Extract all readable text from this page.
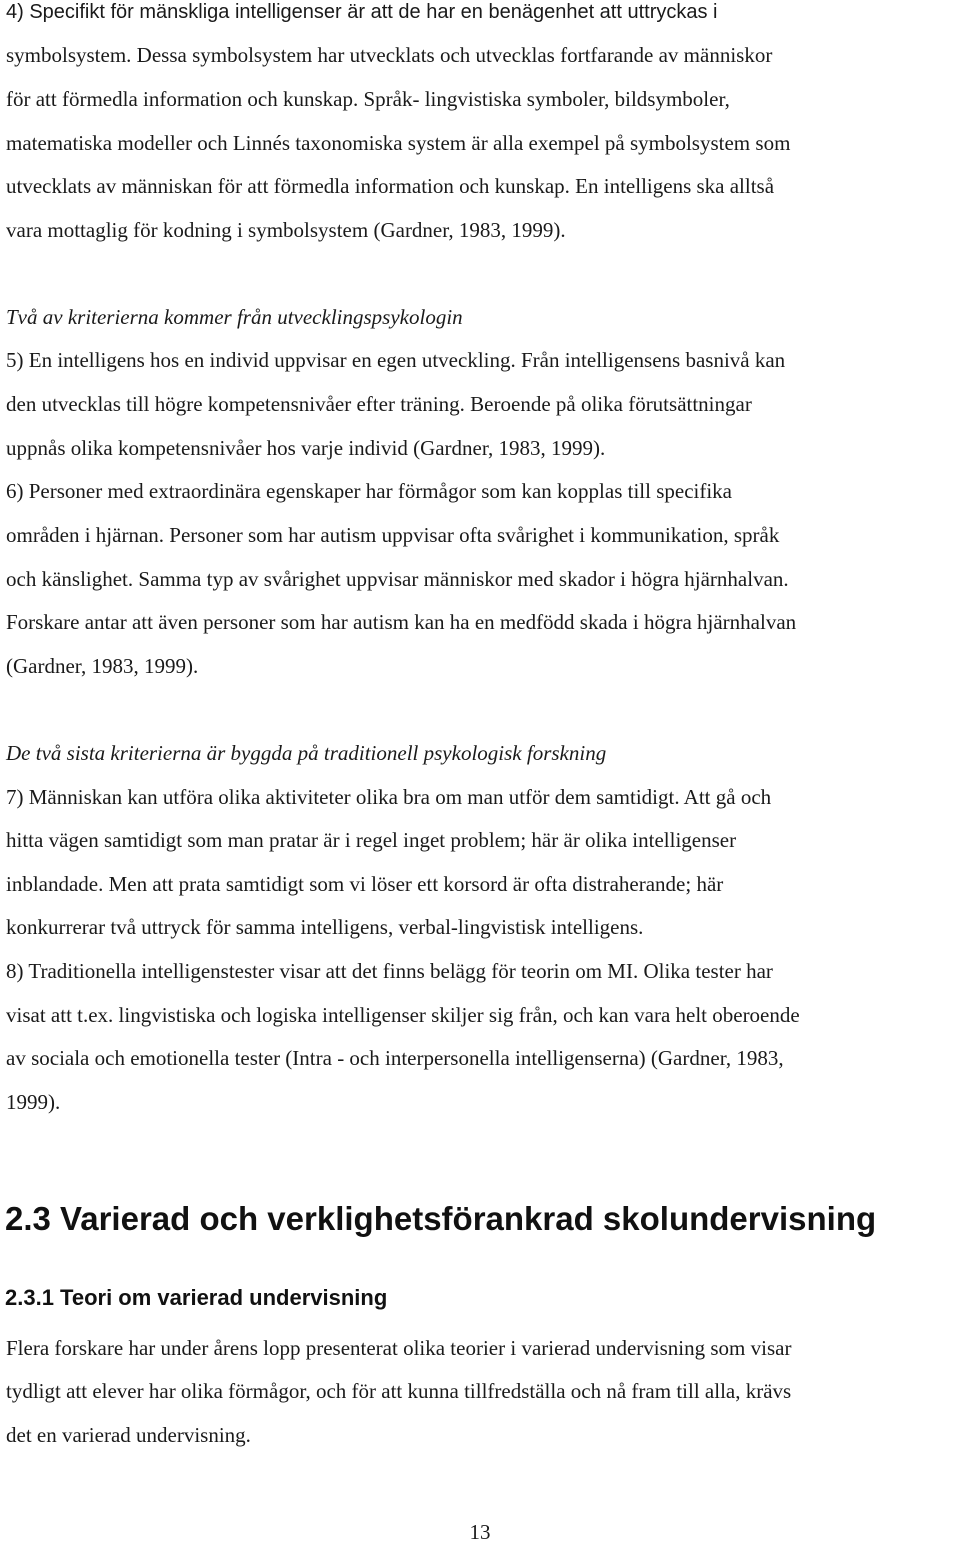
4) Specifikt för mänskliga intelligenser är att de har en benägenhet att uttryckas i

symbolsystem. Dessa symbolsystem har utvecklats och utvecklas fortfarande av människor

för att förmedla information och kunskap. Språk- lingvistiska symboler, bildsymboler,

matematiska modeller och Linnés taxonomiska system är alla exempel på symbolsystem som

utvecklats av människan för att förmedla information och kunskap. En intelligens ska alltså

vara mottaglig för kodning i symbolsystem (Gardner, 1983, 1999).

Två av kriterierna kommer från utvecklingspsykologin

5) En intelligens hos en individ uppvisar en egen utveckling. Från intelligensens basnivå kan

den utvecklas till högre kompetensnivåer efter träning. Beroende på olika förutsättningar

uppnås olika kompetensnivåer hos varje individ (Gardner, 1983, 1999).

6) Personer med extraordinära egenskaper har förmågor som kan kopplas till specifika

områden i hjärnan. Personer som har autism uppvisar ofta svårighet i kommunikation, språk

och känslighet. Samma typ av svårighet uppvisar människor med skador i högra hjärnhalvan.

Forskare antar att även personer som har autism kan ha en medfödd skada i högra hjärnhalvan

(Gardner, 1983, 1999).

De två sista kriterierna är byggda på traditionell psykologisk forskning

7) Människan kan utföra olika aktiviteter olika bra om man utför dem samtidigt. Att gå och

hitta vägen samtidigt som man pratar är i regel inget problem; här är olika intelligenser

inblandade. Men att prata samtidigt som vi löser ett korsord är ofta distraherande; här

konkurrerar två uttryck för samma intelligens, verbal-lingvistisk intelligens.

8) Traditionella intelligenstester visar att det finns belägg för teorin om MI. Olika tester har

visat att t.ex. lingvistiska och logiska intelligenser skiljer sig från, och kan vara helt oberoende

av sociala och emotionella tester (Intra - och interpersonella intelligenserna) (Gardner, 1983,

1999).

2.3 Varierad och verklighetsförankrad skolundervisning
2.3.1 Teori om varierad undervisning

Flera forskare har under årens lopp presenterat olika teorier i varierad undervisning som visar

tydligt att elever har olika förmågor, och för att kunna tillfredställa och nå fram till alla, krävs

det en varierad undervisning.

13
